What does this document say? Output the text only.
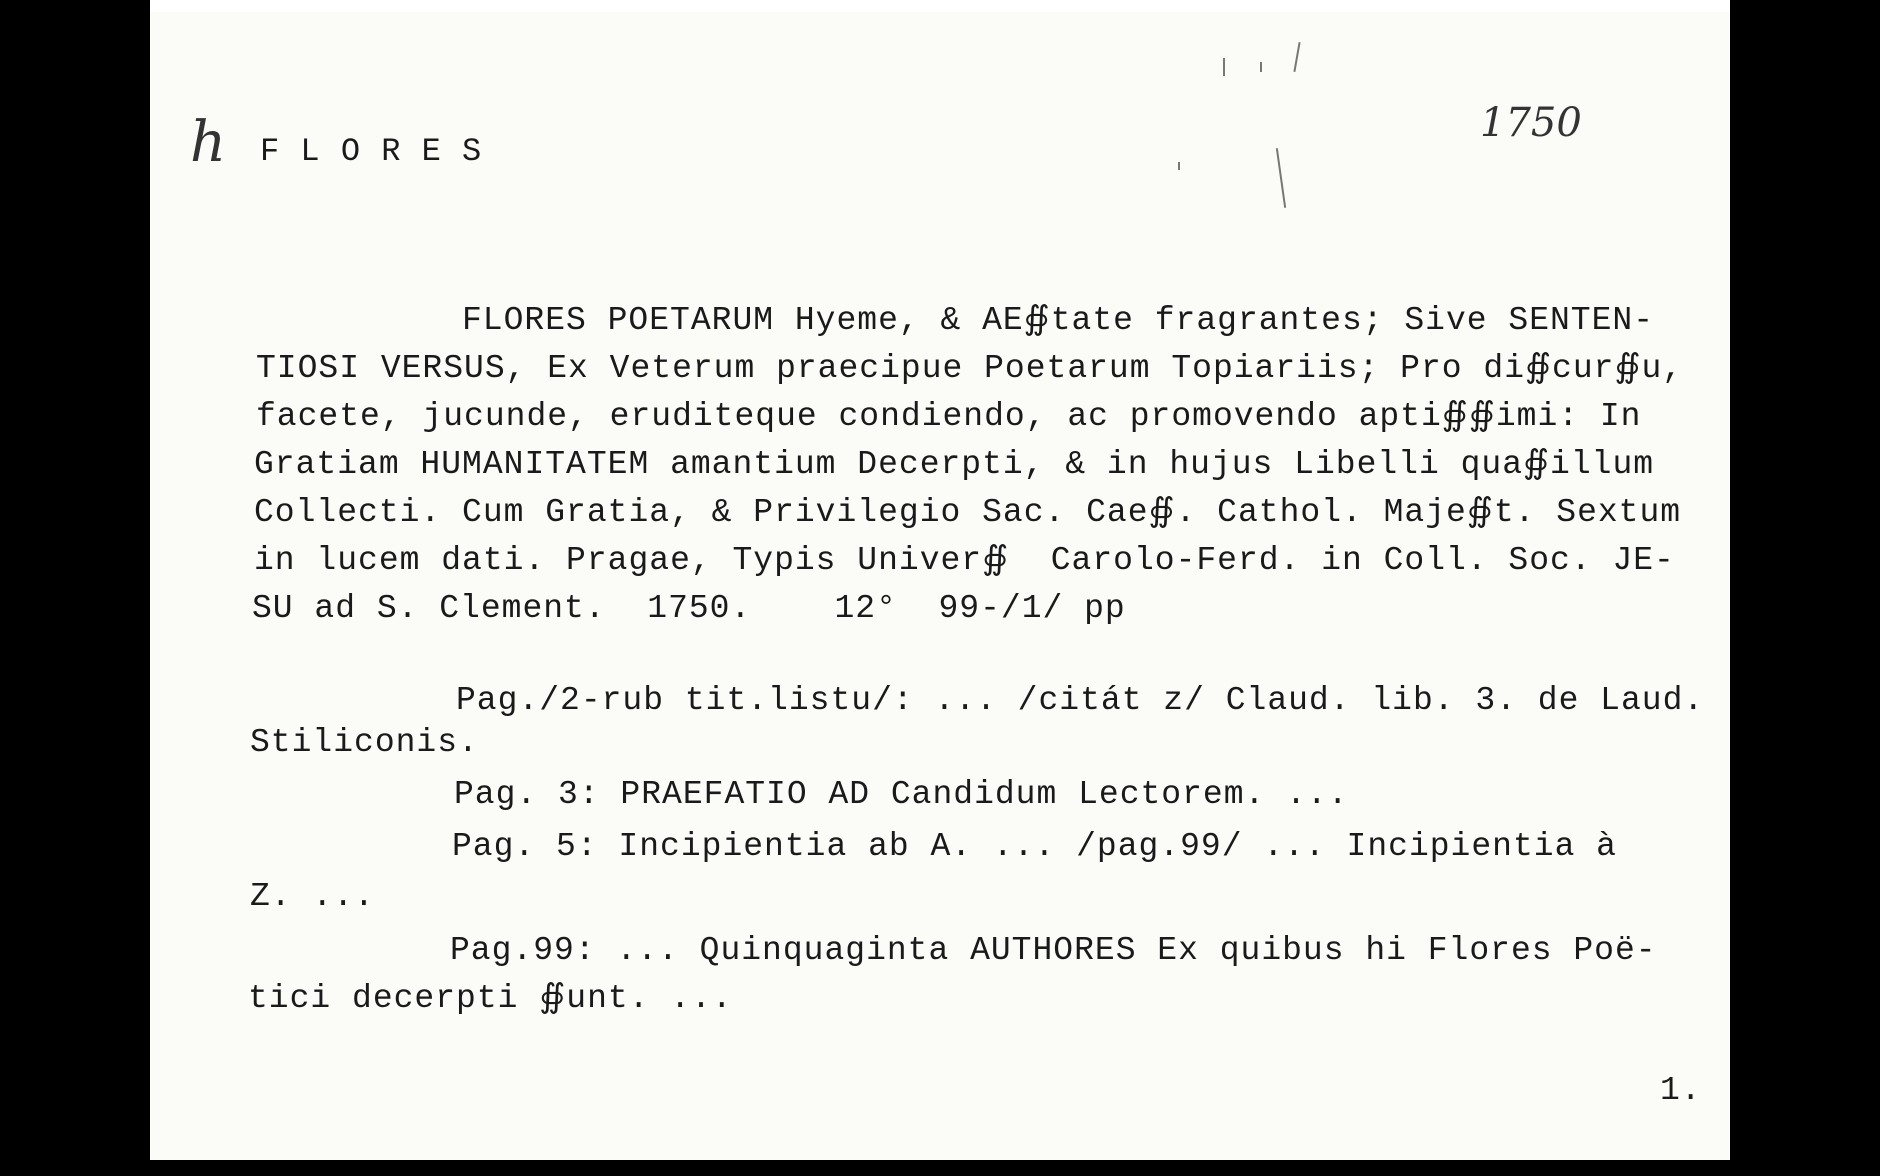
h F L O R E S
1750
FLORES POETARUM Hyeme, & AE∯tate fragrantes; Sive SENTEN-
TIOSI VERSUS, Ex Veterum praecipue Poetarum Topiariis; Pro di∯cur∯u,
facete, jucunde, eruditeque condiendo, ac promovendo apti∯∯imi: In
Gratiam HUMANITATEM amantium Decerpti, & in hujus Libelli qua∯illum
Collecti. Cum Gratia, & Privilegio Sac. Cae∯. Cathol. Maje∯t. Sextum
in lucem dati. Pragae, Typis Univer∯  Carolo-Ferd. in Coll. Soc. JE-
SU ad S. Clement.  1750.    12°  99-/1/ pp
Pag./2-rub tit.listu/: ... /citát z/ Claud. lib. 3. de Laud.
Stiliconis.
Pag. 3: PRAEFATIO AD Candidum Lectorem. ...
Pag. 5: Incipientia ab A. ... /pag.99/ ... Incipientia à
Z. ...
Pag.99: ... Quinquaginta AUTHORES Ex quibus hi Flores Poë-
tici decerpti ∯unt. ...
1.
